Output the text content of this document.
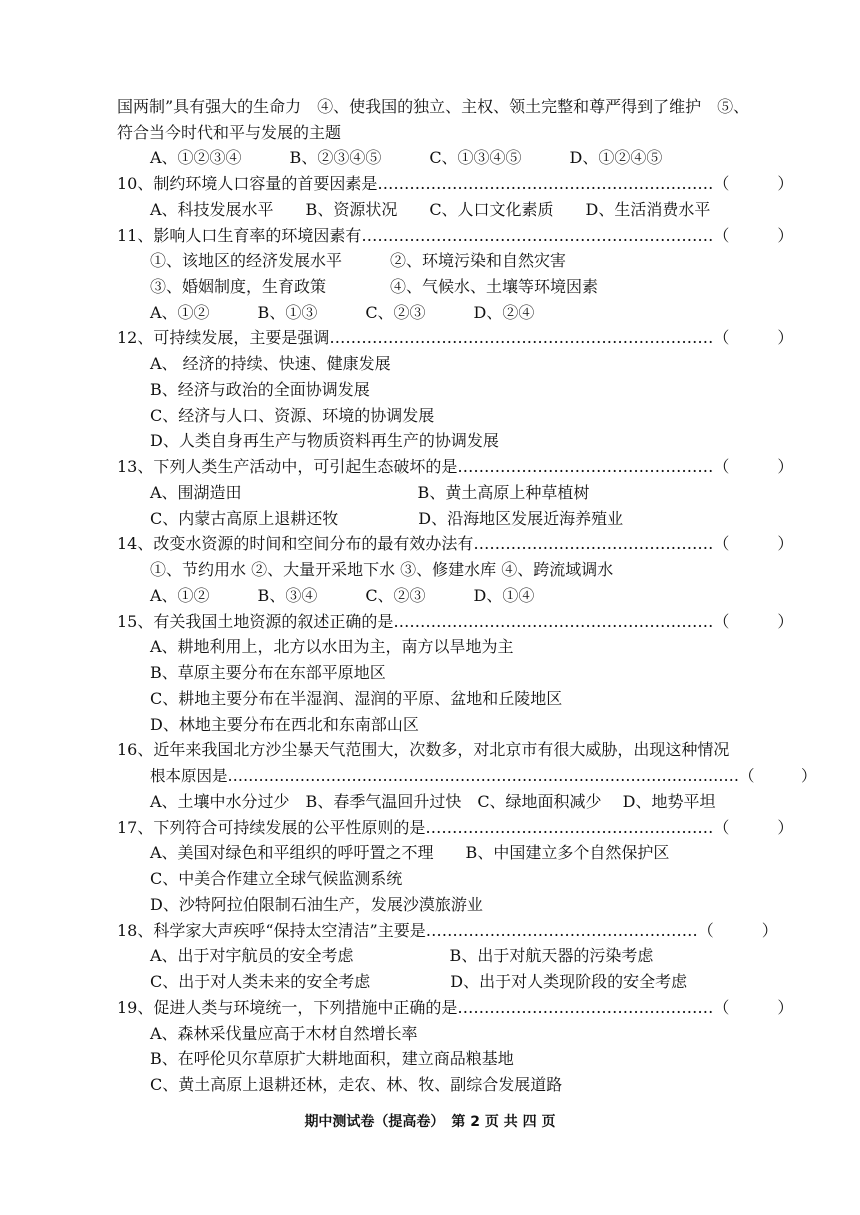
国两制”具有强大的生命力　④、使我国的独立、主权、领土完整和尊严得到了维护　⑤、
符合当今时代和平与发展的主题
A、①②③④　　　B、②③④⑤　　　C、①③④⑤　　　D、①②④⑤
10、制约环境人口容量的首要因素是………………………………………………………（　　　）
A、科技发展水平　　B、资源状况　　C、人口文化素质　　D、生活消费水平
11、影响人口生育率的环境因素有…………………………………………………………（　　　）
①、该地区的经济发展水平　　　②、环境污染和自然灾害
③、婚姻制度，生育政策　　　　④、气候水、土壤等环境因素
A、①②　　　B、①③　　　C、②③　　　D、②④
12、可持续发展，主要是强调………………………………………………………………（　　　）
A、 经济的持续、快速、健康发展
B、经济与政治的全面协调发展
C、经济与人口、资源、环境的协调发展
D、人类自身再生产与物质资料再生产的协调发展
13、下列人类生产活动中，可引起生态破坏的是…………………………………………（　　　）
A、围湖造田　　　　　　　　　　　B、黄土高原上种草植树
C、内蒙古高原上退耕还牧　　　　　D、沿海地区发展近海养殖业
14、改变水资源的时间和空间分布的最有效办法有………………………………………（　　　）
①、节约用水 ②、大量开采地下水 ③、修建水库 ④、跨流域调水
A、①②　　　B、③④　　　C、②③　　　D、①④
15、有关我国土地资源的叙述正确的是……………………………………………………（　　　）
A、耕地利用上，北方以水田为主，南方以旱地为主
B、草原主要分布在东部平原地区
C、耕地主要分布在半湿润、湿润的平原、盆地和丘陵地区
D、林地主要分布在西北和东南部山区
16、近年来我国北方沙尘暴天气范围大，次数多，对北京市有很大威胁，出现这种情况
根本原因是………………………………………………………………………………………（　　　）
A、土壤中水分过少　B、春季气温回升过快　C、绿地面积减少　 D、地势平坦
17、下列符合可持续发展的公平性原则的是………………………………………………（　　　）
A、美国对绿色和平组织的呼吁置之不理　　B、中国建立多个自然保护区
C、中美合作建立全球气候监测系统
D、沙特阿拉伯限制石油生产，发展沙漠旅游业
18、科学家大声疾呼“保持太空清洁”主要是……………………………………………（　　　）
A、出于对宇航员的安全考虑　　　　　　B、出于对航天器的污染考虑
C、出于对人类未来的安全考虑　　　　　D、出于对人类现阶段的安全考虑
19、促进人类与环境统一，下列措施中正确的是…………………………………………（　　　）
A、森林采伐量应高于木材自然增长率
B、在呼伦贝尔草原扩大耕地面积，建立商品粮基地
C、黄土高原上退耕还林，走农、林、牧、副综合发展道路
期中测试卷（提高卷）　第 2 页 共 四 页
